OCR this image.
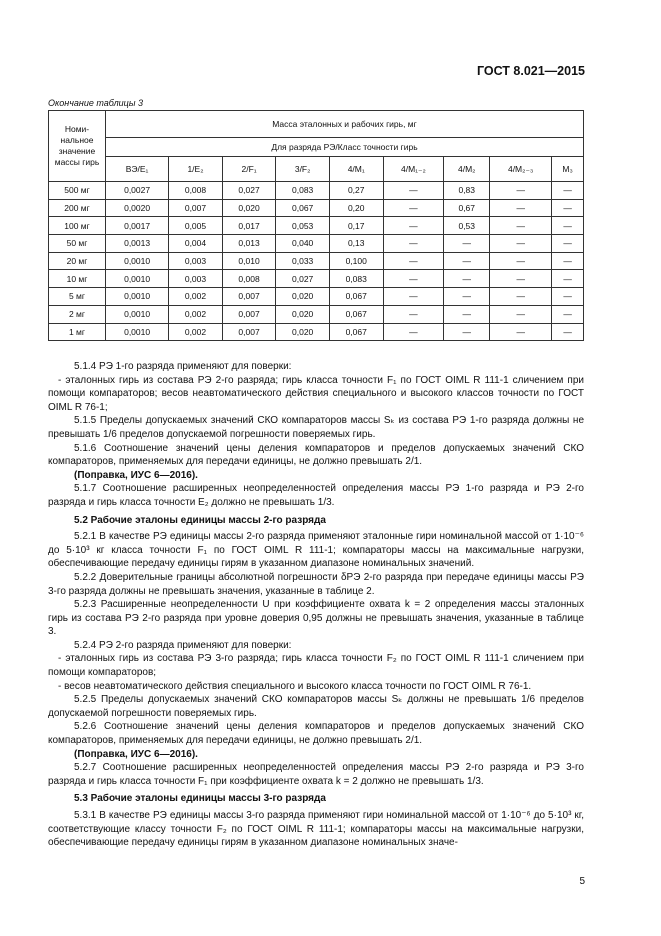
ГОСТ 8.021—2015
Окончание таблицы 3
Номи-
нальное
значение
массы гирь	Масса эталонных и рабочих гирь, мг								
	Для разряда РЭ/Класс точности гирь								
	ВЭ/E₁	1/E₂	2/F₁	3/F₂	4/M₁	4/M₁₋₂	4/M₂	4/M₂₋₃	M₃
500 мг	0,0027	0,008	0,027	0,083	0,27	—	0,83	—	—
200 мг	0,0020	0,007	0,020	0,067	0,20	—	0,67	—	—
100 мг	0,0017	0,005	0,017	0,053	0,17	—	0,53	—	—
50 мг	0,0013	0,004	0,013	0,040	0,13	—	—	—	—
20 мг	0,0010	0,003	0,010	0,033	0,100	—	—	—	—
10 мг	0,0010	0,003	0,008	0,027	0,083	—	—	—	—
5 мг	0,0010	0,002	0,007	0,020	0,067	—	—	—	—
2 мг	0,0010	0,002	0,007	0,020	0,067	—	—	—	—
1 мг	0,0010	0,002	0,007	0,020	0,067	—	—	—	—

5.1.4 РЭ 1-го разряда применяют для поверки:

- эталонных гирь из состава РЭ 2-го разряда; гирь класса точности F₁ по ГОСТ OIML R 111-1 сличением при помощи компараторов; весов неавтоматического действия специального и высокого классов точности по ГОСТ OIML R 76-1;

5.1.5 Пределы допускаемых значений СКО компараторов массы Sₖ из состава РЭ 1-го разряда должны не превышать 1/6 пределов допускаемой погрешности поверяемых гирь.

5.1.6 Соотношение значений цены деления компараторов и пределов допускаемых значений СКО компараторов, применяемых для передачи единицы, не должно превышать 2/1.

(Поправка, ИУС 6—2016).

5.1.7 Соотношение расширенных неопределенностей определения массы РЭ 1-го разряда и РЭ 2-го разряда и гирь класса точности E₂ должно не превышать 1/3.

5.2 Рабочие эталоны единицы массы 2-го разряда

5.2.1 В качестве РЭ единицы массы 2-го разряда применяют эталонные гири номинальной массой от 1·10⁻⁶ до 5·10³ кг класса точности F₁ по ГОСТ OIML R 111-1; компараторы массы на максимальные нагрузки, обеспечивающие передачу единицы гирям в указанном диапазоне номинальных значений.

5.2.2 Доверительные границы абсолютной погрешности δРЭ 2-го разряда при передаче единицы массы РЭ 3-го разряда должны не превышать значения, указанные в таблице 2.

5.2.3 Расширенные неопределенности U при коэффициенте охвата k = 2 определения массы эталонных гирь из состава РЭ 2-го разряда при уровне доверия 0,95 должны не превышать значения, указанные в таблице 3.

5.2.4 РЭ 2-го разряда применяют для поверки:

- эталонных гирь из состава РЭ 3-го разряда; гирь класса точности F₂ по ГОСТ OIML R 111-1 сличением при помощи компараторов;

- весов неавтоматического действия специального и высокого класса точности по ГОСТ OIML R 76-1.

5.2.5 Пределы допускаемых значений СКО компараторов массы Sₖ должны не превышать 1/6 пределов допускаемой погрешности поверяемых гирь.

5.2.6 Соотношение значений цены деления компараторов и пределов допускаемых значений СКО компараторов, применяемых для передачи единицы, не должно превышать 2/1.

(Поправка, ИУС 6—2016).

5.2.7 Соотношение расширенных неопределенностей определения массы РЭ 2-го разряда и РЭ 3-го разряда и гирь класса точности F₁ при коэффициенте охвата k = 2 должно не превышать 1/3.

5.3 Рабочие эталоны единицы массы 3-го разряда

5.3.1 В качестве РЭ единицы массы 3-го разряда применяют гири номинальной массой от 1·10⁻⁶ до 5·10³ кг, соответствующие классу точности F₂ по ГОСТ OIML R 111-1; компараторы массы на максимальные нагрузки, обеспечивающие передачу единицы гирям в указанном диапазоне номинальных значе-

5
